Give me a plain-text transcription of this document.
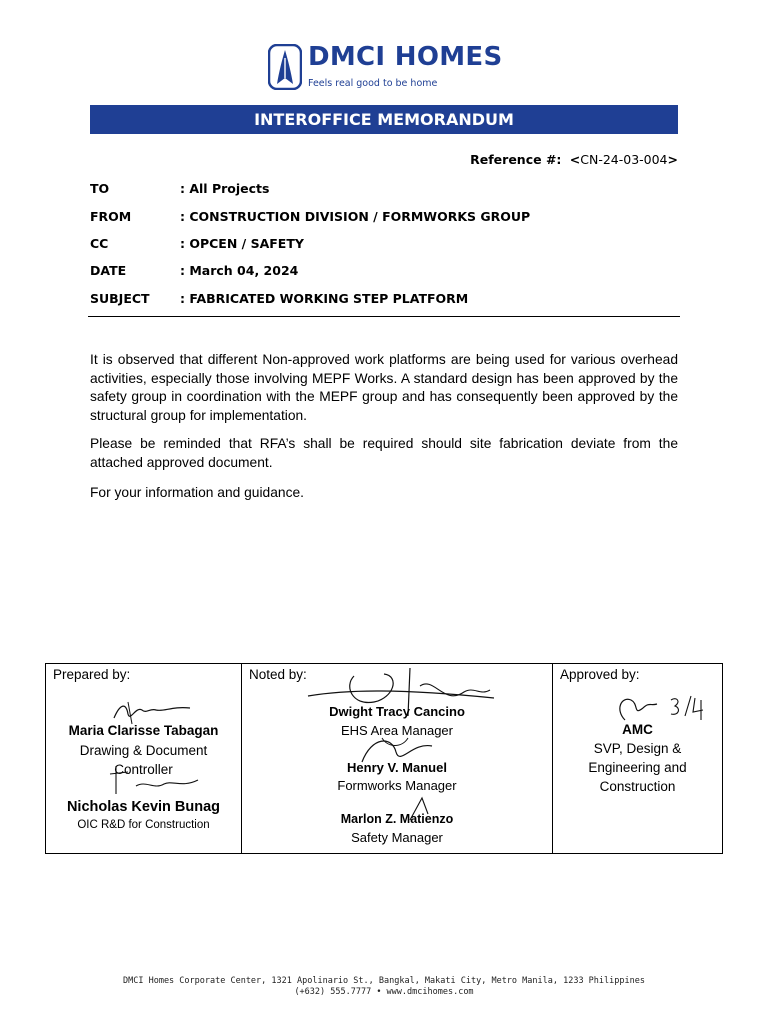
DMCI HOMES
Feels real good to be home
INTEROFFICE MEMORANDUM
Reference #:  <CN-24-03-004>
TO	: All Projects
FROM	: CONSTRUCTION DIVISION / FORMWORKS GROUP
CC	: OPCEN / SAFETY
DATE	: March 04, 2024
SUBJECT : FABRICATED WORKING STEP PLATFORM

It is observed that different Non-approved work platforms are being used for various overhead activities, especially those involving MEPF Works. A standard design has been approved by the safety group in coordination with the MEPF group and has consequently been approved by the structural group for implementation.

Please be reminded that RFA’s shall be required should site fabrication deviate from the attached approved document.

For your information and guidance.

Prepared by:
Maria Clarisse Tabagan
Drawing & Document
Controller
Nicholas Kevin Bunag
OIC R&D for Construction
Noted by:
Dwight Tracy Cancino
EHS Area Manager
Henry V. Manuel
Formworks Manager
Marlon Z. Matienzo
Safety Manager
Approved by:
AMC
SVP, Design &
Engineering and
Construction
DMCI Homes Corporate Center, 1321 Apolinario St., Bangkal, Makati City, Metro Manila, 1233 Philippines
(+632) 555.7777 • www.dmcihomes.com
